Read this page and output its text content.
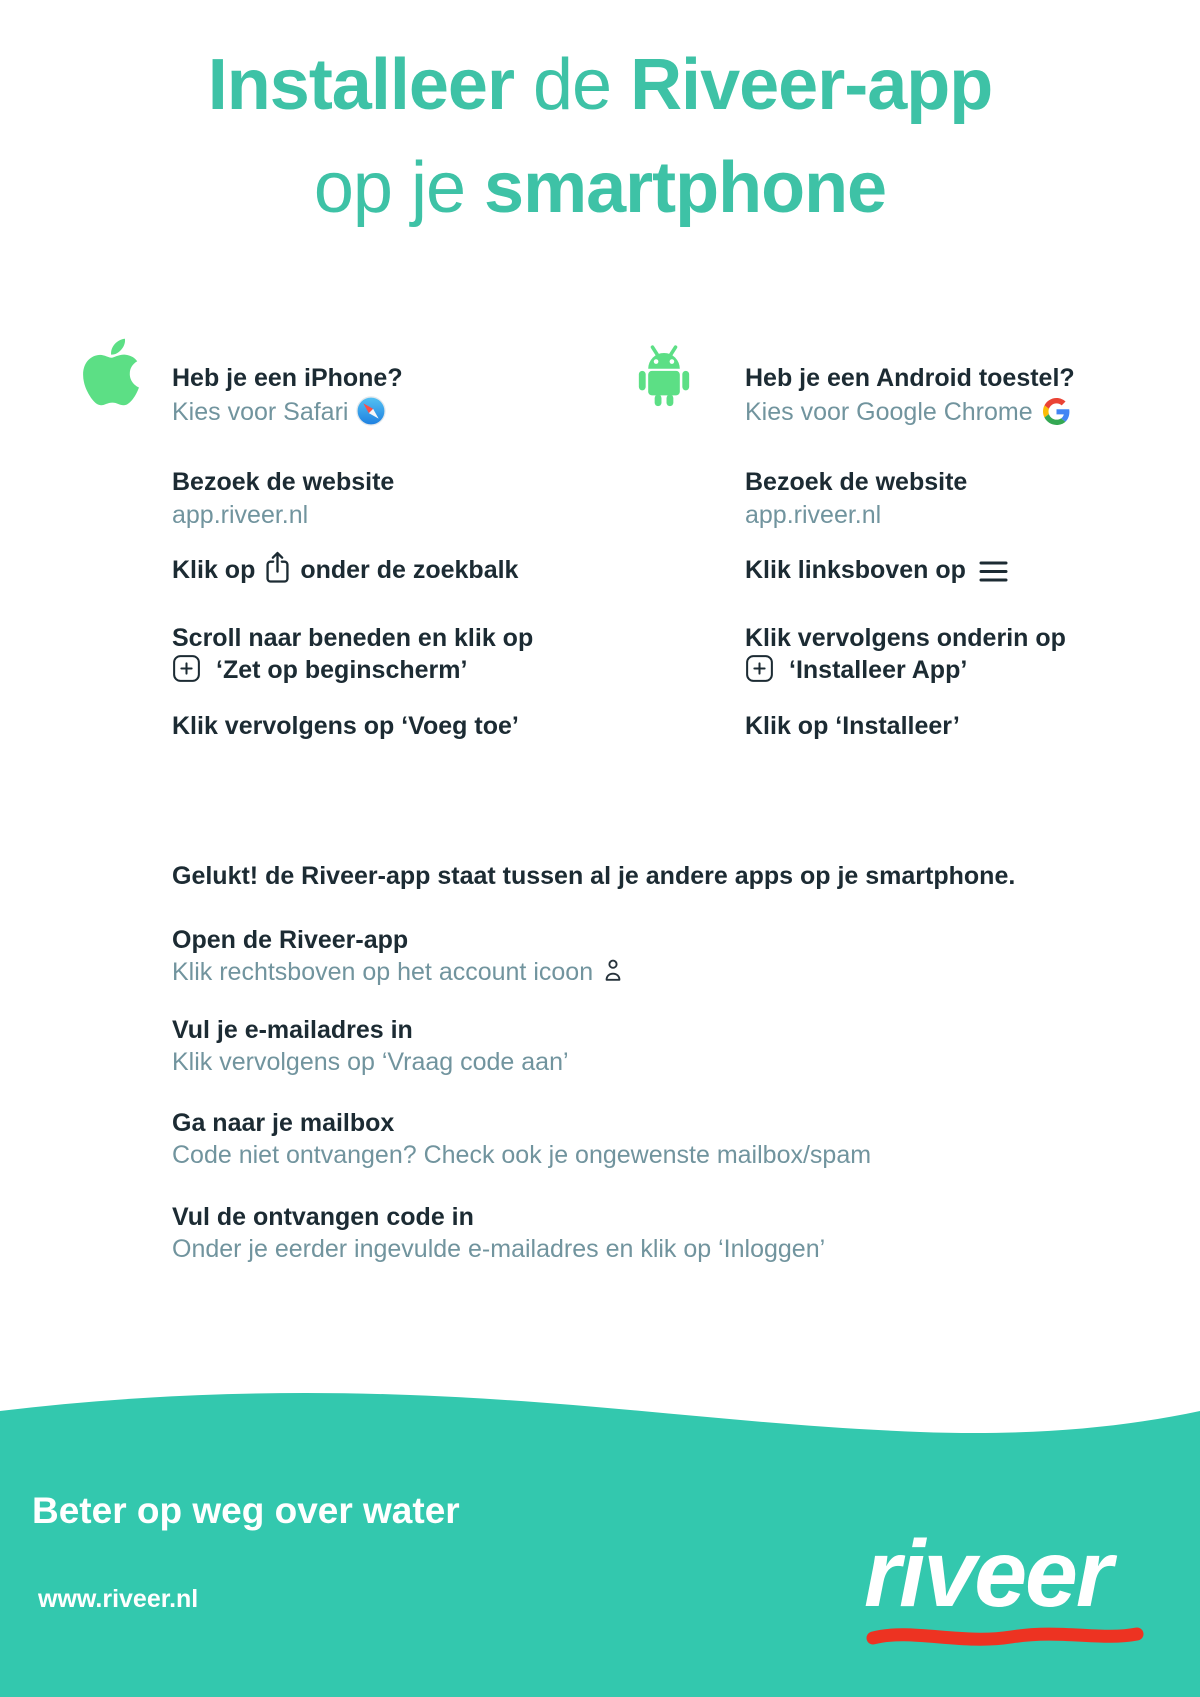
Installeer de Riveer-app
op je smartphone
Heb je een iPhone?
Kies voor Safari
Bezoek de website
app.riveer.nl
Klik op onder de zoekbalk
Scroll naar beneden en klik op
‘Zet op beginscherm’
Klik vervolgens op ‘Voeg toe’
Heb je een Android toestel?
Kies voor Google Chrome
Bezoek de website
app.riveer.nl
Klik linksboven op
Klik vervolgens onderin op
‘Installeer App’
Klik op ‘Installeer’
Gelukt! de Riveer-app staat tussen al je andere apps op je smartphone.
Open de Riveer-app
Klik rechtsboven op het account icoon
Vul je e-mailadres in
Klik vervolgens op ‘Vraag code aan’
Ga naar je mailbox
Code niet ontvangen? Check ook je ongewenste mailbox/spam
Vul de ontvangen code in
Onder je eerder ingevulde e-mailadres en klik op ‘Inloggen’
Beter op weg over water
www.riveer.nl	riveer
